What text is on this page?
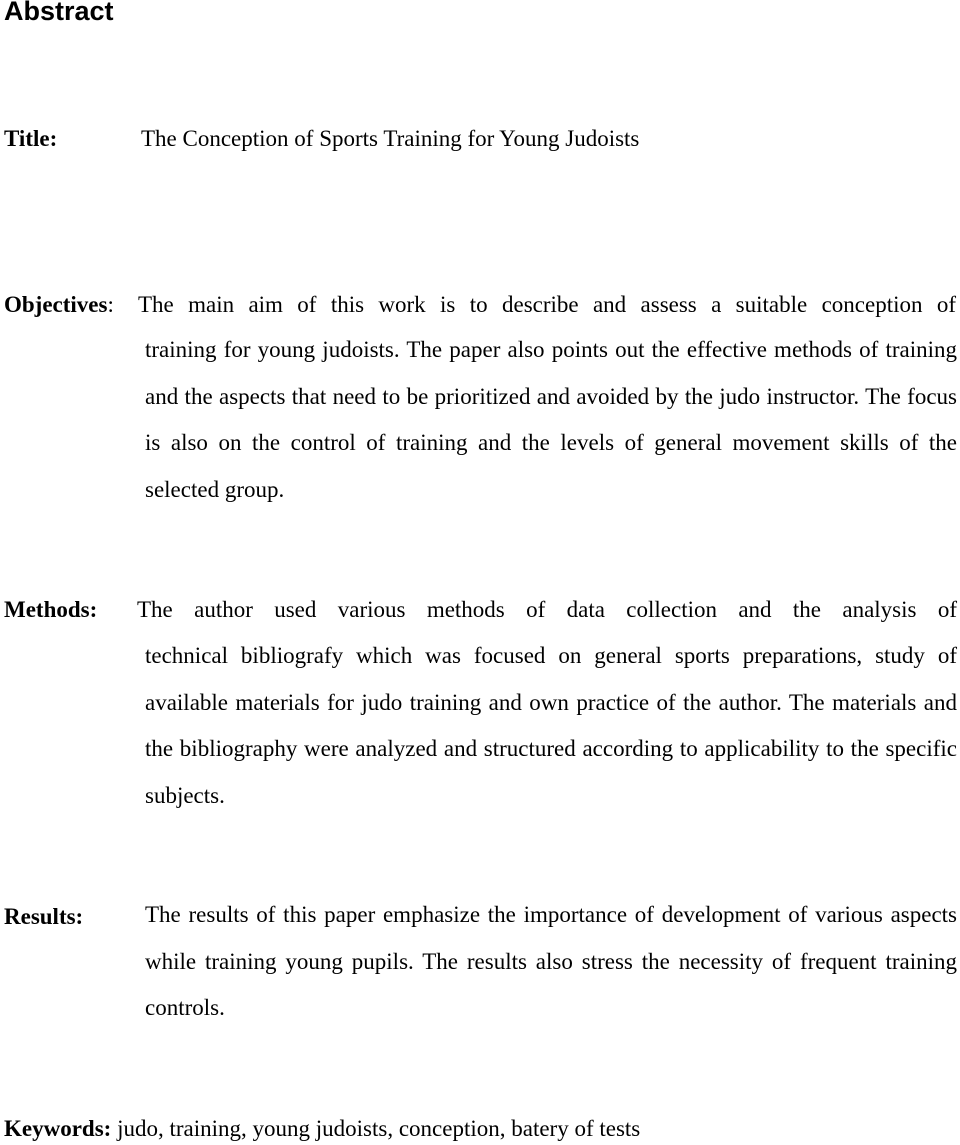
Abstract
Title:	The Conception of Sports Training for Young Judoists
Objectives: The main aim of this work is to describe and assess a suitable conception of

training for young judoists. The paper also points out the effective methods of training and the aspects that need to be prioritized and avoided by the judo instructor. The focus is also on the control of training and the levels of general movement skills of the selected group.

Methods: The author used various methods of data collection and the analysis of

technical bibliografy which was focused on general sports preparations, study of available materials for judo training and own practice of the author. The materials and the bibliography were analyzed and structured according to applicability to the specific subjects.

Results:	The results of this paper emphasize the importance of development of various aspects while training young pupils. The results also stress the necessity of frequent training controls.

Keywords: judo, training, young judoists, conception, batery of tests
